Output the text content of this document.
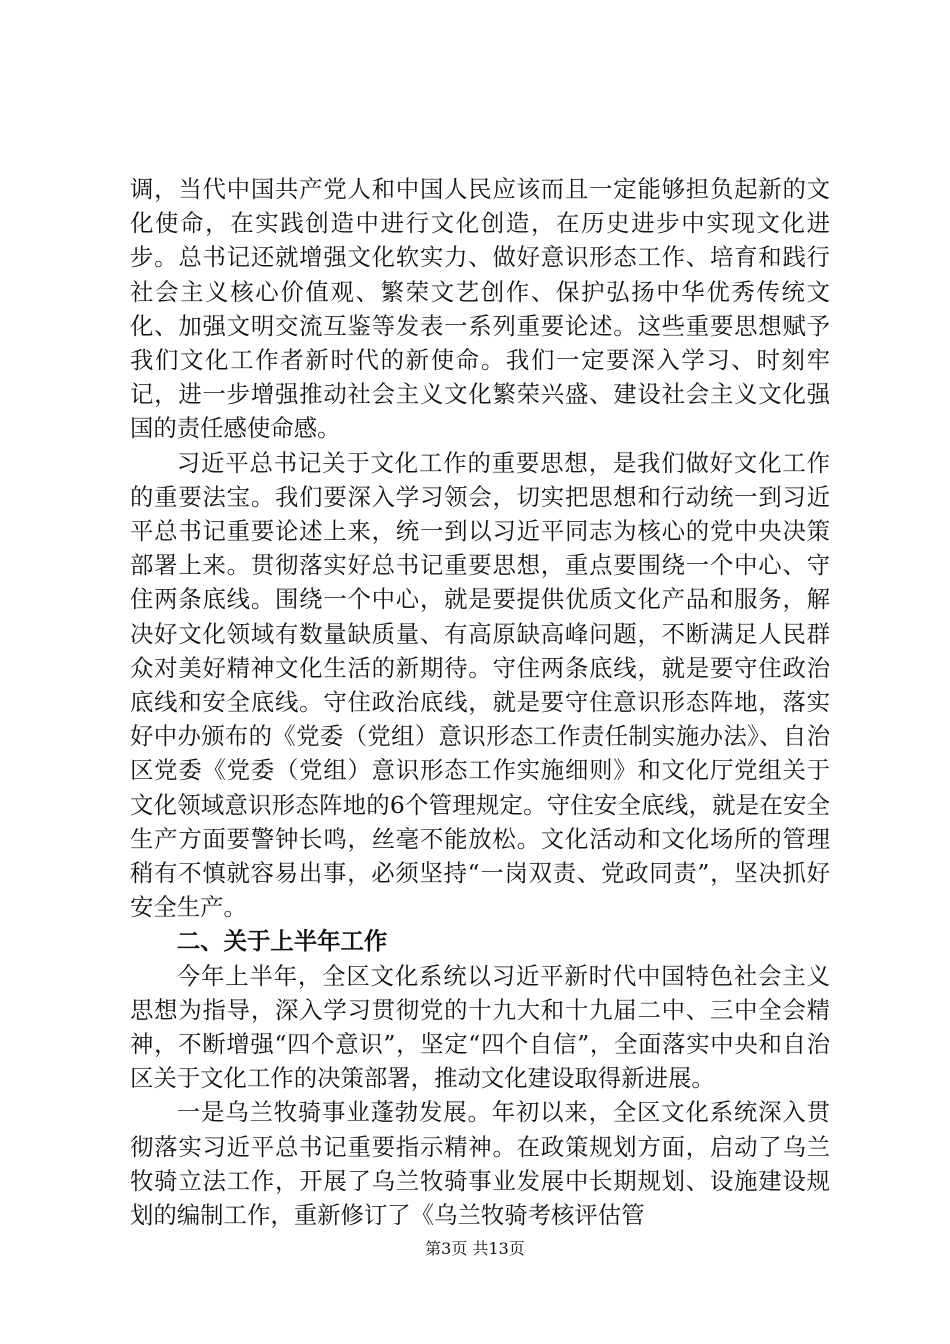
调，当代中国共产党人和中国人民应该而且一定能够担负起新的文化使命，在实践创造中进行文化创造，在历史进步中实现文化进步。总书记还就增强文化软实力、做好意识形态工作、培育和践行社会主义核心价值观、繁荣文艺创作、保护弘扬中华优秀传统文化、加强文明交流互鉴等发表一系列重要论述。这些重要思想赋予我们文化工作者新时代的新使命。我们一定要深入学习、时刻牢记，进一步增强推动社会主义文化繁荣兴盛、建设社会主义文化强国的责任感使命感。

习近平总书记关于文化工作的重要思想，是我们做好文化工作的重要法宝。我们要深入学习领会，切实把思想和行动统一到习近平总书记重要论述上来，统一到以习近平同志为核心的党中央决策部署上来。贯彻落实好总书记重要思想，重点要围绕一个中心、守住两条底线。围绕一个中心，就是要提供优质文化产品和服务，解决好文化领域有数量缺质量、有高原缺高峰问题，不断满足人民群众对美好精神文化生活的新期待。守住两条底线，就是要守住政治底线和安全底线。守住政治底线，就是要守住意识形态阵地，落实好中办颁布的《党委（党组）意识形态工作责任制实施办法》、自治区党委《党委（党组）意识形态工作实施细则》和文化厅党组关于文化领域意识形态阵地的6个管理规定。守住安全底线，就是在安全生产方面要警钟长鸣，丝毫不能放松。文化活动和文化场所的管理稍有不慎就容易出事，必须坚持“一岗双责、党政同责”，坚决抓好安全生产。

二、关于上半年工作

今年上半年，全区文化系统以习近平新时代中国特色社会主义思想为指导，深入学习贯彻党的十九大和十九届二中、三中全会精神，不断增强“四个意识”，坚定“四个自信”，全面落实中央和自治区关于文化工作的决策部署，推动文化建设取得新进展。

一是乌兰牧骑事业蓬勃发展。年初以来，全区文化系统深入贯彻落实习近平总书记重要指示精神。在政策规划方面，启动了乌兰牧骑立法工作，开展了乌兰牧骑事业发展中长期规划、设施建设规划的编制工作，重新修订了《乌兰牧骑考核评估管

第3页 共13页
